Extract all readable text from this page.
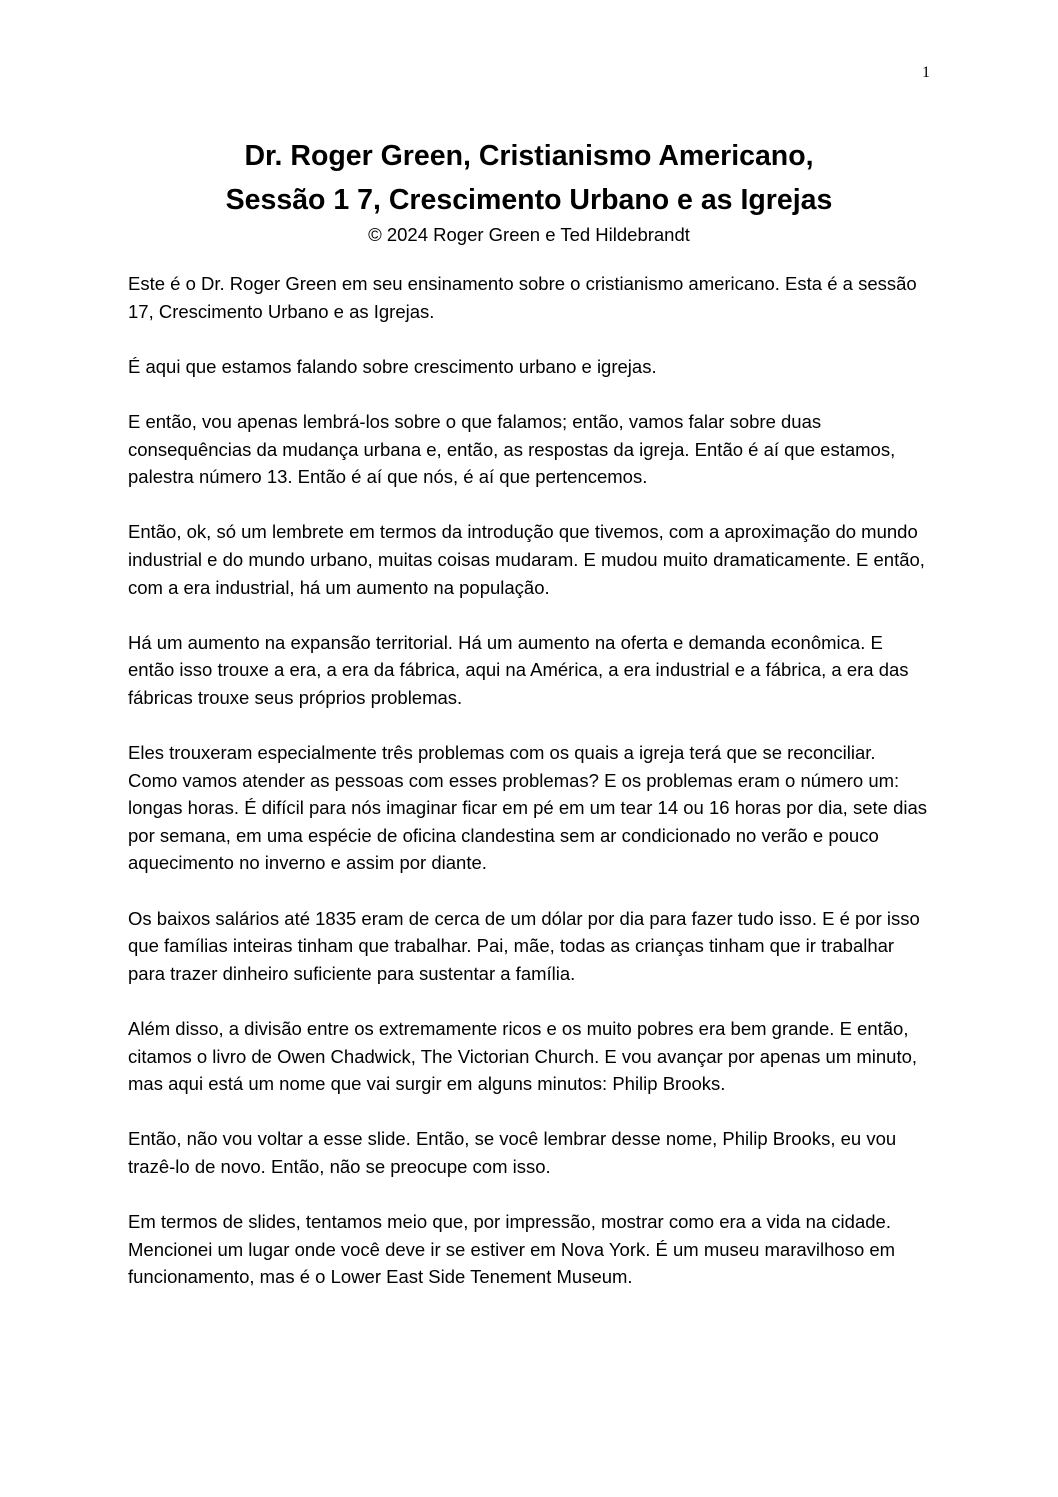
1
Dr. Roger Green, Cristianismo Americano,
Sessão 1 7, Crescimento Urbano e as Igrejas
© 2024 Roger Green e Ted Hildebrandt

Este é o Dr. Roger Green em seu ensinamento sobre o cristianismo americano. Esta é a sessão 17, Crescimento Urbano e as Igrejas.

É aqui que estamos falando sobre crescimento urbano e igrejas.

E então, vou apenas lembrá-los sobre o que falamos; então, vamos falar sobre duas consequências da mudança urbana e, então, as respostas da igreja. Então é aí que estamos, palestra número 13. Então é aí que nós, é aí que pertencemos.

Então, ok, só um lembrete em termos da introdução que tivemos, com a aproximação do mundo industrial e do mundo urbano, muitas coisas mudaram. E mudou muito dramaticamente. E então, com a era industrial, há um aumento na população.

Há um aumento na expansão territorial. Há um aumento na oferta e demanda econômica. E então isso trouxe a era, a era da fábrica, aqui na América, a era industrial e a fábrica, a era das fábricas trouxe seus próprios problemas.

Eles trouxeram especialmente três problemas com os quais a igreja terá que se reconciliar. Como vamos atender as pessoas com esses problemas? E os problemas eram o número um: longas horas. É difícil para nós imaginar ficar em pé em um tear 14 ou 16 horas por dia, sete dias por semana, em uma espécie de oficina clandestina sem ar condicionado no verão e pouco aquecimento no inverno e assim por diante.

Os baixos salários até 1835 eram de cerca de um dólar por dia para fazer tudo isso. E é por isso que famílias inteiras tinham que trabalhar. Pai, mãe, todas as crianças tinham que ir trabalhar para trazer dinheiro suficiente para sustentar a família.

Além disso, a divisão entre os extremamente ricos e os muito pobres era bem grande. E então, citamos o livro de Owen Chadwick, The Victorian Church. E vou avançar por apenas um minuto, mas aqui está um nome que vai surgir em alguns minutos: Philip Brooks.

Então, não vou voltar a esse slide. Então, se você lembrar desse nome, Philip Brooks, eu vou trazê-lo de novo. Então, não se preocupe com isso.

Em termos de slides, tentamos meio que, por impressão, mostrar como era a vida na cidade. Mencionei um lugar onde você deve ir se estiver em Nova York. É um museu maravilhoso em funcionamento, mas é o Lower East Side Tenement Museum.
